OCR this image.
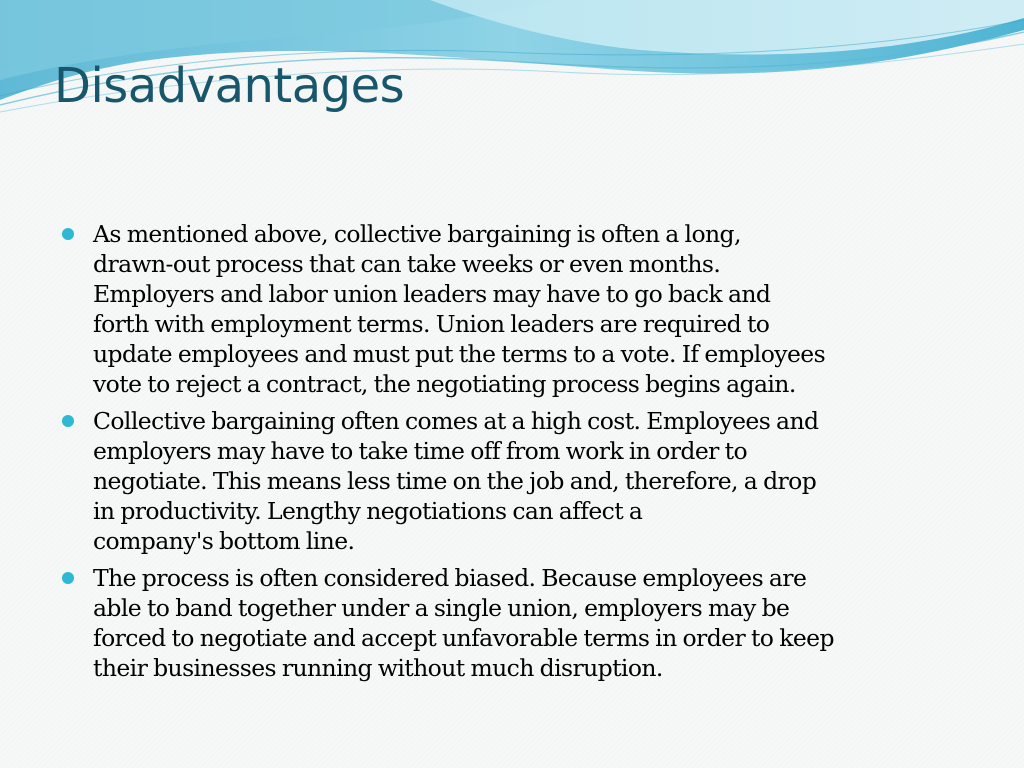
Disadvantages
As mentioned above, collective bargaining is often a long,
drawn-out process that can take weeks or even months.
Employers and labor union leaders may have to go back and
forth with employment terms. Union leaders are required to
update employees and must put the terms to a vote. If employees
vote to reject a contract, the negotiating process begins again.
Collective bargaining often comes at a high cost. Employees and
employers may have to take time off from work in order to
negotiate. This means less time on the job and, therefore, a drop
in productivity. Lengthy negotiations can affect a
company's bottom line.
The process is often considered biased. Because employees are
able to band together under a single union, employers may be
forced to negotiate and accept unfavorable terms in order to keep
their businesses running without much disruption.
